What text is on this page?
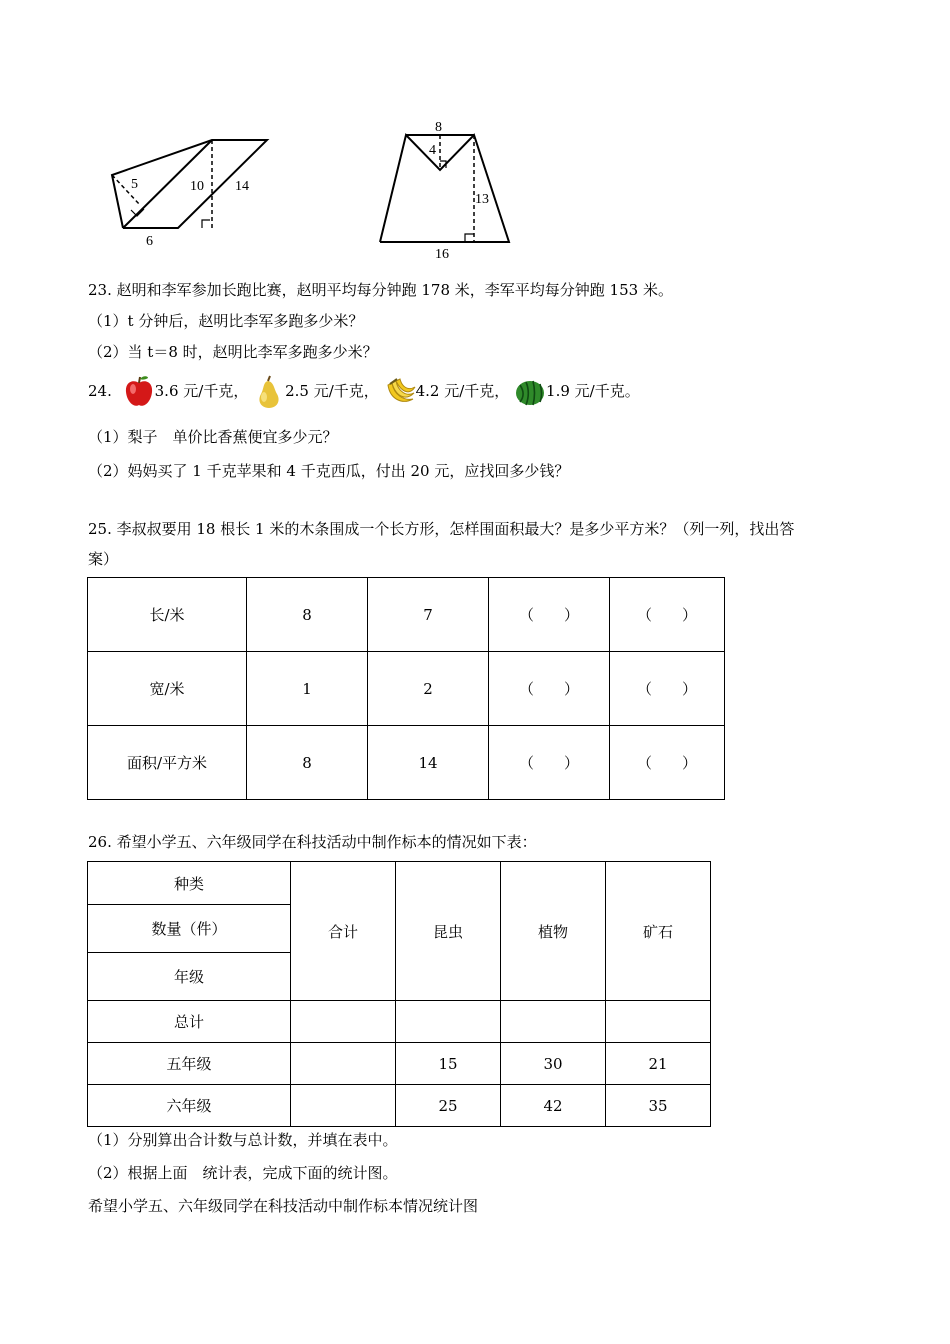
5	10 14
6
8
4
13
16
23. 赵明和李军参加长跑比赛，赵明平均每分钟跑 178 米，李军平均每分钟跑 153 米。
（1）t 分钟后，赵明比李军多跑多少米？
（2）当 t＝8 时，赵明比李军多跑多少米？
24.	3.6 元/千克， 2.5 元/千克， 4.2 元/千克， 1.9 元/千克。
（1）梨子　单价比香蕉便宜多少元？
（2）妈妈买了 1 千克苹果和 4 千克西瓜，付出 20 元，应找回多少钱？
25. 李叔叔要用 18 根长 1 米的木条围成一个长方形，怎样围面积最大？是多少平方米？（列一列，找出答
案）
长/米	8	7	（　　）	（　　）
宽/米	1	2	（　　）	（　　）
面积/平方米	8	14	（　　）	（　　）
26. 希望小学五、六年级同学在科技活动中制作标本的情况如下表：
种类	合计	昆虫	植物	矿石
数量（件）				
年级				
总计				
五年级		15	30	21
六年级		25	42	35
（1）分别算出合计数与总计数，并填在表中。
（2）根据上面　统计表，完成下面的统计图。
希望小学五、六年级同学在科技活动中制作标本情况统计图
